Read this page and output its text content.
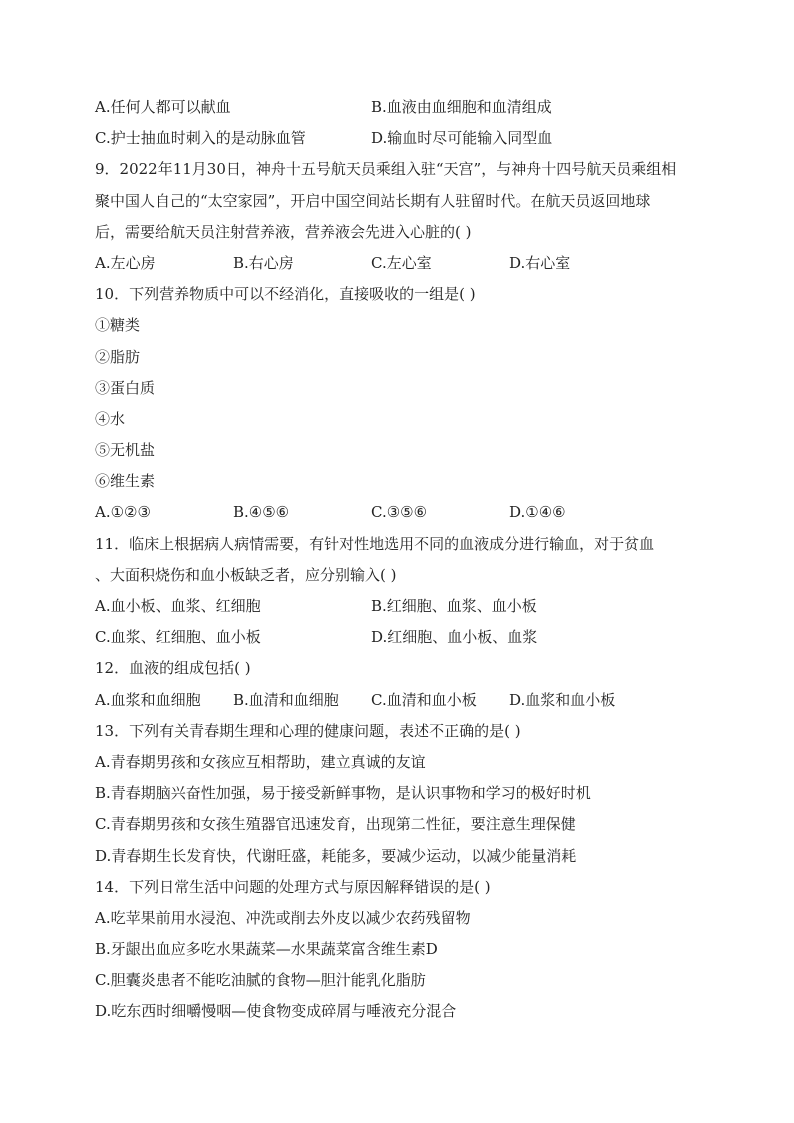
A.任何人都可以献血	B.血液由血细胞和血清组成
C.护士抽血时刺入的是动脉血管	D.输血时尽可能输入同型血
9．2022年11月30日，神舟十五号航天员乘组入驻“天宫”，与神舟十四号航天员乘组相
聚中国人自己的“太空家园”，开启中国空间站长期有人驻留时代。在航天员返回地球
后，需要给航天员注射营养液，营养液会先进入心脏的( )
A.左心房	B.右心房	C.左心室	D.右心室
10．下列营养物质中可以不经消化，直接吸收的一组是( )
①糖类
②脂肪
③蛋白质
④水
⑤无机盐
⑥维生素
A.①②③	B.④⑤⑥	C.③⑤⑥	D.①④⑥
11．临床上根据病人病情需要，有针对性地选用不同的血液成分进行输血，对于贫血
、大面积烧伤和血小板缺乏者，应分别输入( )
A.血小板、血浆、红细胞	B.红细胞、血浆、血小板
C.血浆、红细胞、血小板	D.红细胞、血小板、血浆
12．血液的组成包括( )
A.血浆和血细胞	B.血清和血细胞	C.血清和血小板	D.血浆和血小板
13．下列有关青春期生理和心理的健康问题，表述不正确的是( )
A.青春期男孩和女孩应互相帮助，建立真诚的友谊
B.青春期脑兴奋性加强，易于接受新鲜事物，是认识事物和学习的极好时机
C.青春期男孩和女孩生殖器官迅速发育，出现第二性征，要注意生理保健
D.青春期生长发育快，代谢旺盛，耗能多，要减少运动，以减少能量消耗
14．下列日常生活中问题的处理方式与原因解释错误的是( )
A.吃苹果前用水浸泡、冲洗或削去外皮以减少农药残留物
B.牙龈出血应多吃水果蔬菜—水果蔬菜富含维生素D
C.胆囊炎患者不能吃油腻的食物—胆汁能乳化脂肪
D.吃东西时细嚼慢咽—使食物变成碎屑与唾液充分混合
